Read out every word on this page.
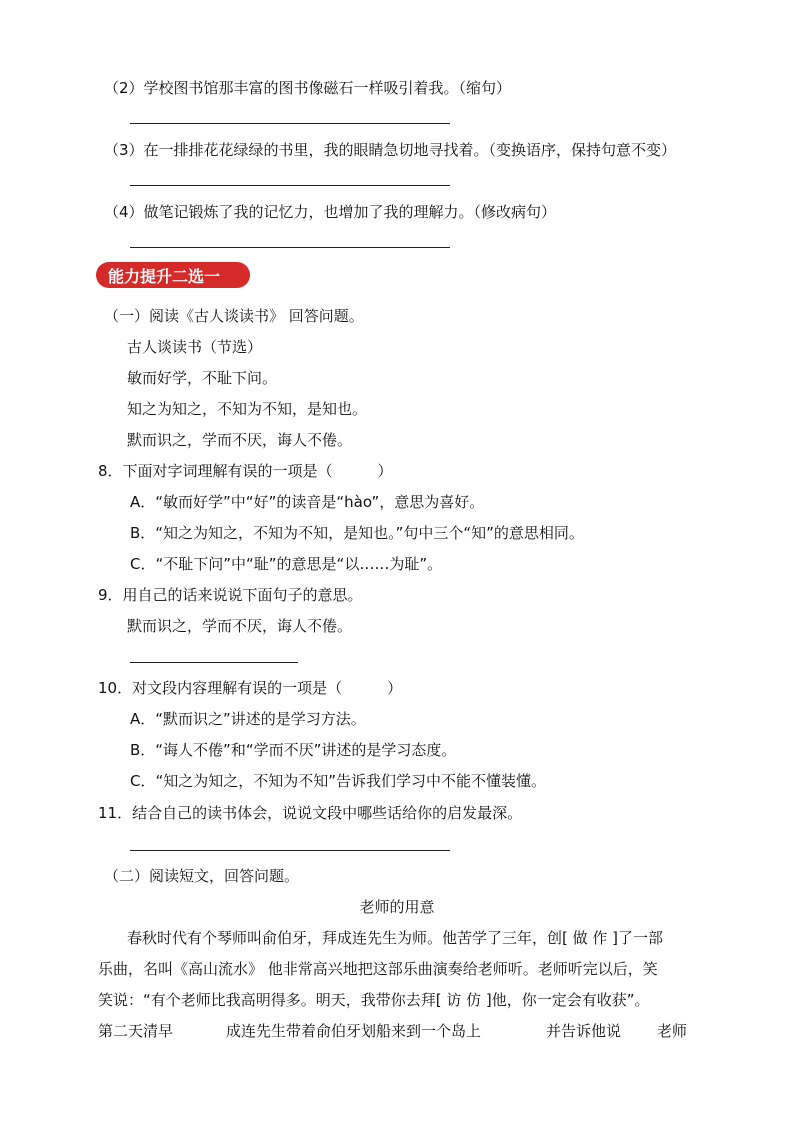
（2）学校图书馆那丰富的图书像磁石一样吸引着我。（缩句）
（3）在一排排花花绿绿的书里，我的眼睛急切地寻找着。（变换语序，保持句意不变）
（4）做笔记锻炼了我的记忆力，也增加了我的理解力。（修改病句）
能力提升二选一
（一）阅读《古人谈读书》 回答问题。
古人谈读书（节选）
敏而好学，不耻下问。
知之为知之，不知为不知，是知也。
默而识之，学而不厌，诲人不倦。
8．下面对字词理解有误的一项是（　　　）
A．“敏而好学”中“好”的读音是“hào”，意思为喜好。
B．“知之为知之，不知为不知，是知也。”句中三个“知”的意思相同。
C．“不耻下问”中“耻”的意思是“以……为耻”。
9．用自己的话来说说下面句子的意思。
默而识之，学而不厌，诲人不倦。
10．对文段内容理解有误的一项是（　　　）
A．“默而识之”讲述的是学习方法。
B．“诲人不倦”和“学而不厌”讲述的是学习态度。
C．“知之为知之，不知为不知”告诉我们学习中不能不懂装懂。
11．结合自己的读书体会，说说文段中哪些话给你的启发最深。
（二）阅读短文，回答问题。
老师的用意
春秋时代有个琴师叫俞伯牙，拜成连先生为师。他苦学了三年，创[ 做 作 ]了一部
乐曲，名叫《高山流水》 他非常高兴地把这部乐曲演奏给老师听。老师听完以后，笑
笑说：“有个老师比我高明得多。明天，我带你去拜[ 访 仿 ]他，你一定会有收获”。
第二天清早	成连先生带着俞伯牙划船来到一个岛上	并告诉他说 老师
